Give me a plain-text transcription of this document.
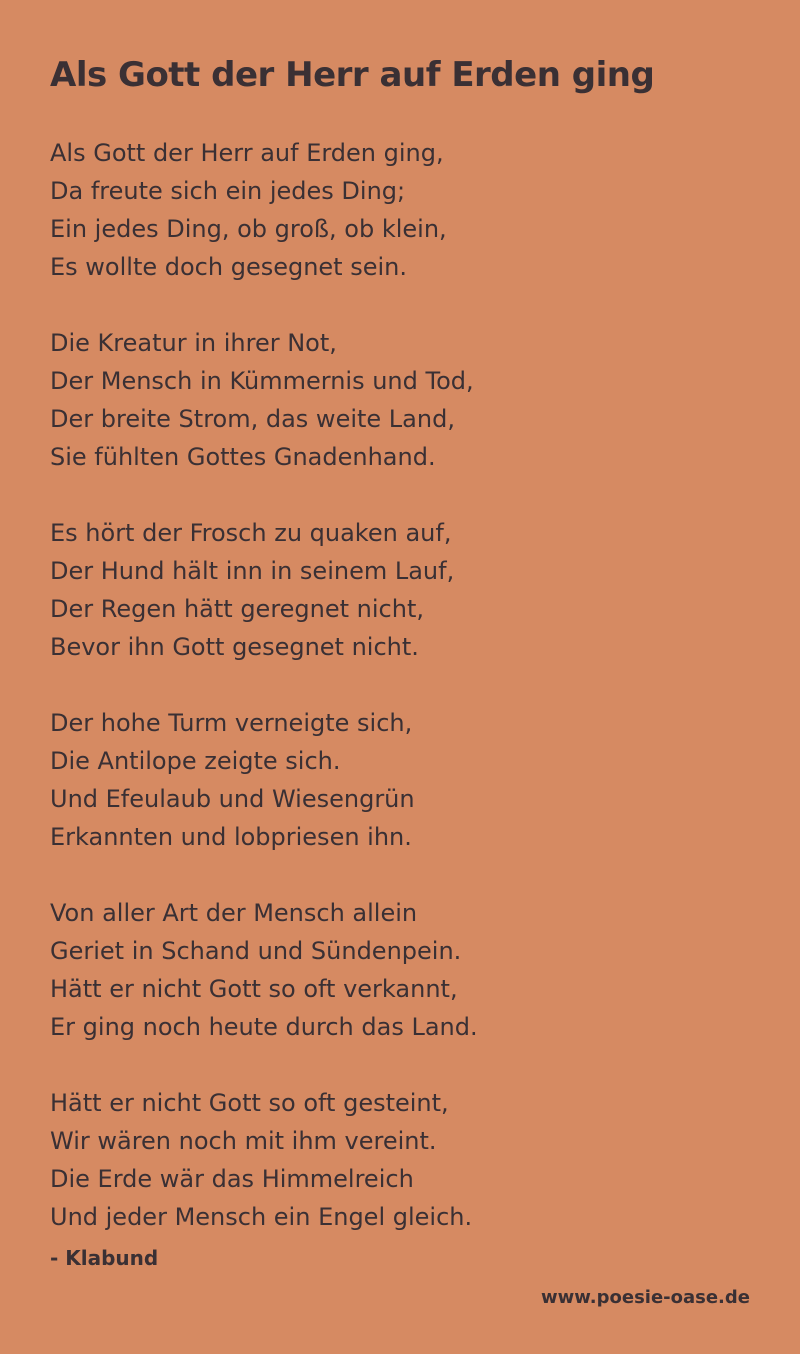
Als Gott der Herr auf Erden ging
Als Gott der Herr auf Erden ging,
Da freute sich ein jedes Ding;
Ein jedes Ding, ob groß, ob klein,
Es wollte doch gesegnet sein.
Die Kreatur in ihrer Not,
Der Mensch in Kümmernis und Tod,
Der breite Strom, das weite Land,
Sie fühlten Gottes Gnadenhand.
Es hört der Frosch zu quaken auf,
Der Hund hält inn in seinem Lauf,
Der Regen hätt geregnet nicht,
Bevor ihn Gott gesegnet nicht.
Der hohe Turm verneigte sich,
Die Antilope zeigte sich.
Und Efeulaub und Wiesengrün
Erkannten und lobpriesen ihn.
Von aller Art der Mensch allein
Geriet in Schand und Sündenpein.
Hätt er nicht Gott so oft verkannt,
Er ging noch heute durch das Land.
Hätt er nicht Gott so oft gesteint,
Wir wären noch mit ihm vereint.
Die Erde wär das Himmelreich
Und jeder Mensch ein Engel gleich.
- Klabund
www.poesie-oase.de
